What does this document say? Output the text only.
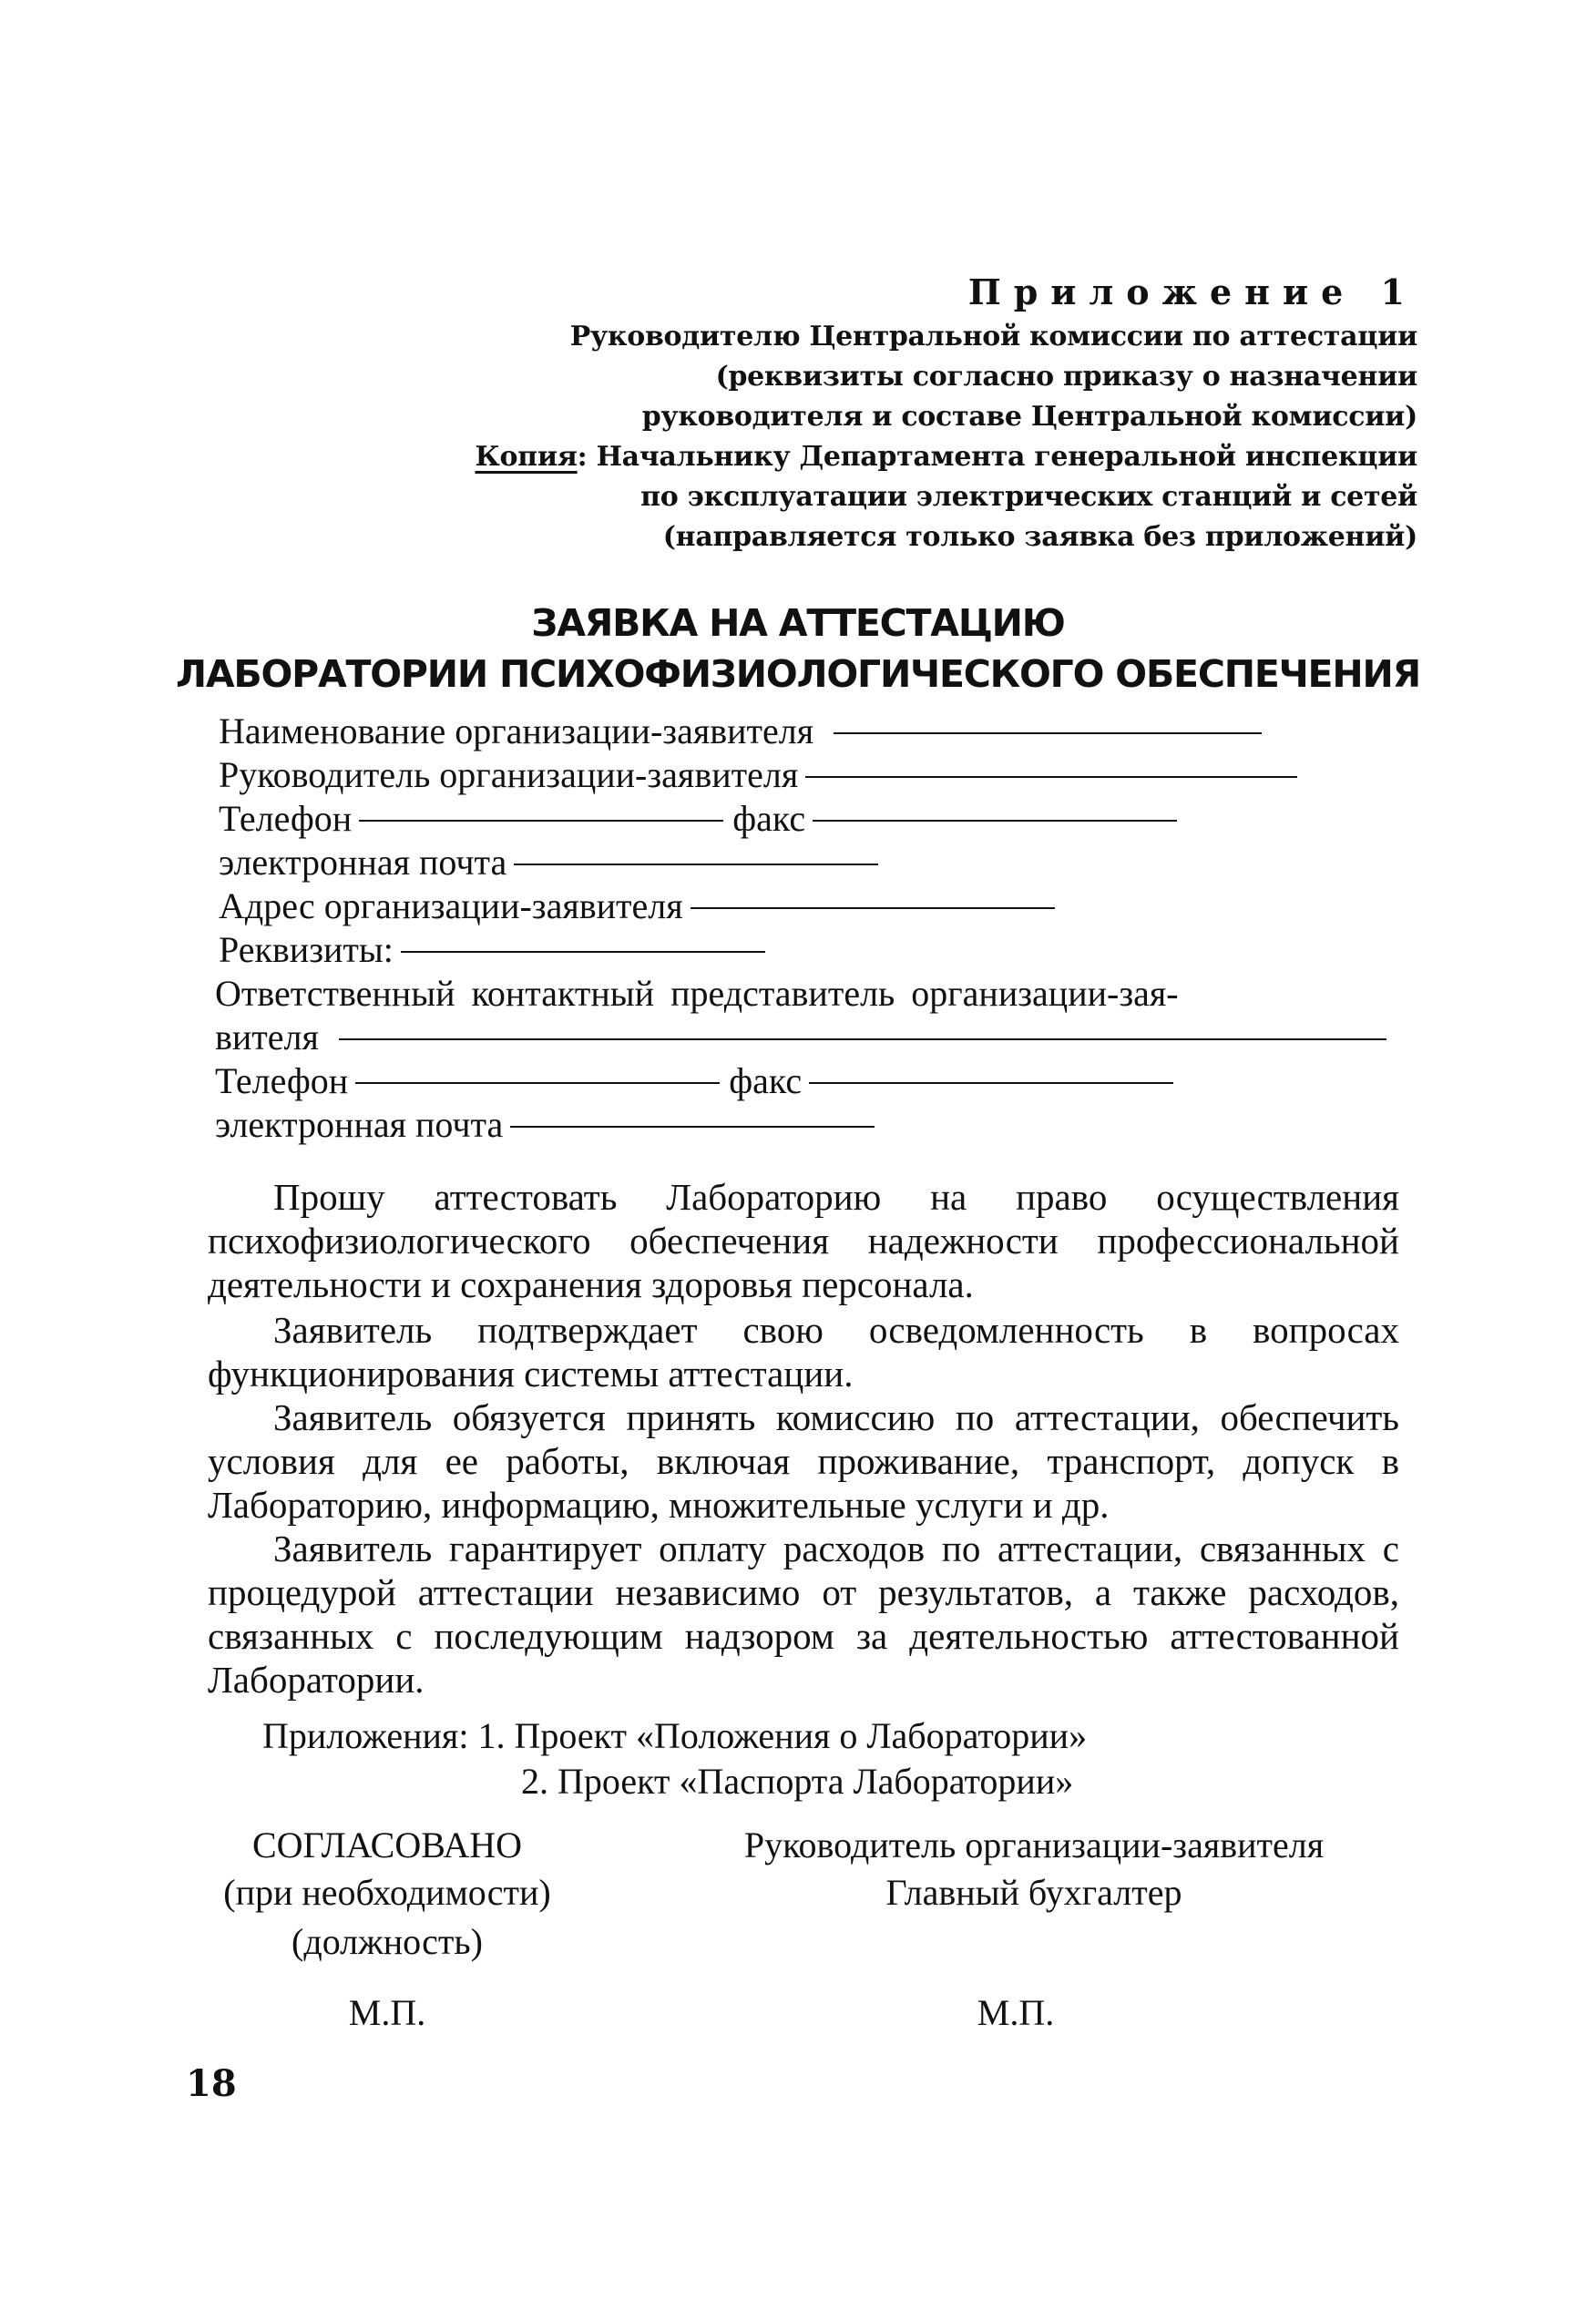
Приложение 1
Руководителю Центральной комиссии по аттестации
(реквизиты согласно приказу о назначении
руководителя и составе Центральной комиссии)
Копия: Начальнику Департамента генеральной инспекции
по эксплуатации электрических станций и сетей
(направляется только заявка без приложений)
ЗАЯВКА НА АТТЕСТАЦИЮ
ЛАБОРАТОРИИ ПСИХОФИЗИОЛОГИЧЕСКОГО ОБЕСПЕЧЕНИЯ
Наименование организации-заявителя
Руководитель организации-заявителя
Телефон	факс
электронная почта
Адрес организации-заявителя
Реквизиты:
Ответственный контактный представитель организации-зая-
вителя
Телефон	факс
электронная почта

Прошу аттестовать Лабораторию на право осуществления психофизиологического обеспечения надежности профессиональной деятельности и сохранения здоровья персонала.

Заявитель подтверждает свою осведомленность в вопросах функционирования системы аттестации.

Заявитель обязуется принять комиссию по аттестации, обеспечить условия для ее работы, включая проживание, транспорт, допуск в Лабораторию, информацию, множительные услуги и др.

Заявитель гарантирует оплату расходов по аттестации, связанных с процедурой аттестации независимо от результатов, а также расходов, связанных с последующим надзором за деятельностью аттестованной Лаборатории.

Приложения: 1. Проект «Положения о Лаборатории»
2. Проект «Паспорта Лаборатории»
СОГЛАСОВАНО
(при необходимости)
(должность)
М.П.
Руководитель организации-заявителя
Главный бухгалтер
М.П.
18
